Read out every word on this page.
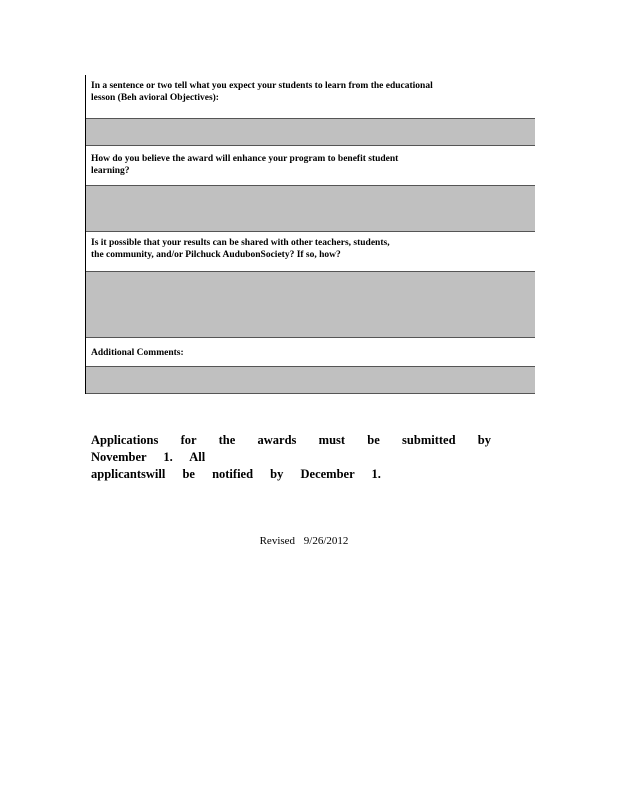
In a sentence or two tell what you expect your students to learn from the educational
lesson (Beh avioral Objectives):
How do you believe the award will enhance your program to benefit student
learning?
Is it possible that your results can be shared with other teachers, students,
the community, and/or Pilchuck AudubonSociety? If so, how?
Additional Comments:
Applications for the awards must be submitted by November 1. All
applicantswill be notified by December 1.
Revised 9/26/2012
